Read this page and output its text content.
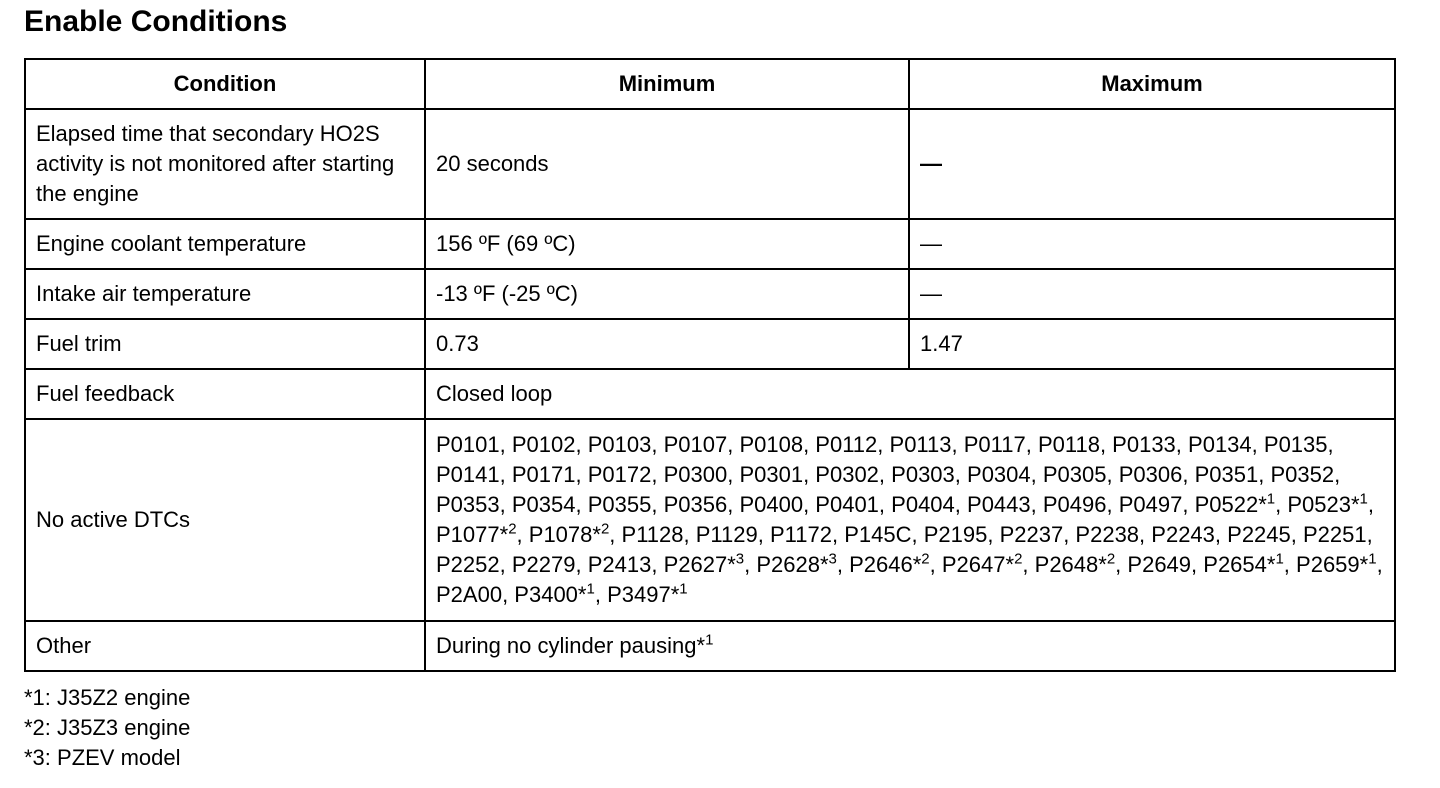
Enable Conditions
Condition	Minimum	Maximum
Elapsed time that secondary HO2S activity is not monitored after starting the engine	20 seconds	—
Engine coolant temperature	156 ºF (69 ºC)	—
Intake air temperature	-13 ºF (-25 ºC)	—
Fuel trim	0.73	1.47
Fuel feedback	Closed loop	
No active DTCs	P0101, P0102, P0103, P0107, P0108, P0112, P0113, P0117, P0118, P0133, P0134, P0135, P0141, P0171, P0172, P0300, P0301, P0302, P0303, P0304, P0305, P0306, P0351, P0352, P0353, P0354, P0355, P0356, P0400, P0401, P0404, P0443, P0496, P0497, P0522*$^1$, P0523*$^1$, P1077*$^2$, P1078*$^2$, P1128, P1129, P1172, P145C, P2195, P2237, P2238, P2243, P2245, P2251, P2252, P2279, P2413, P2627*$^3$, P2628*$^3$, P2646*$^2$, P2647*$^2$, P2648*$^2$, P2649, P2654*$^1$, P2659*$^1$, P2A00, P3400*$^1$, P3497*$^1$
Other	During no cylinder pausing*$^1$
*1: J35Z2 engine
*2: J35Z3 engine
*3: PZEV model
